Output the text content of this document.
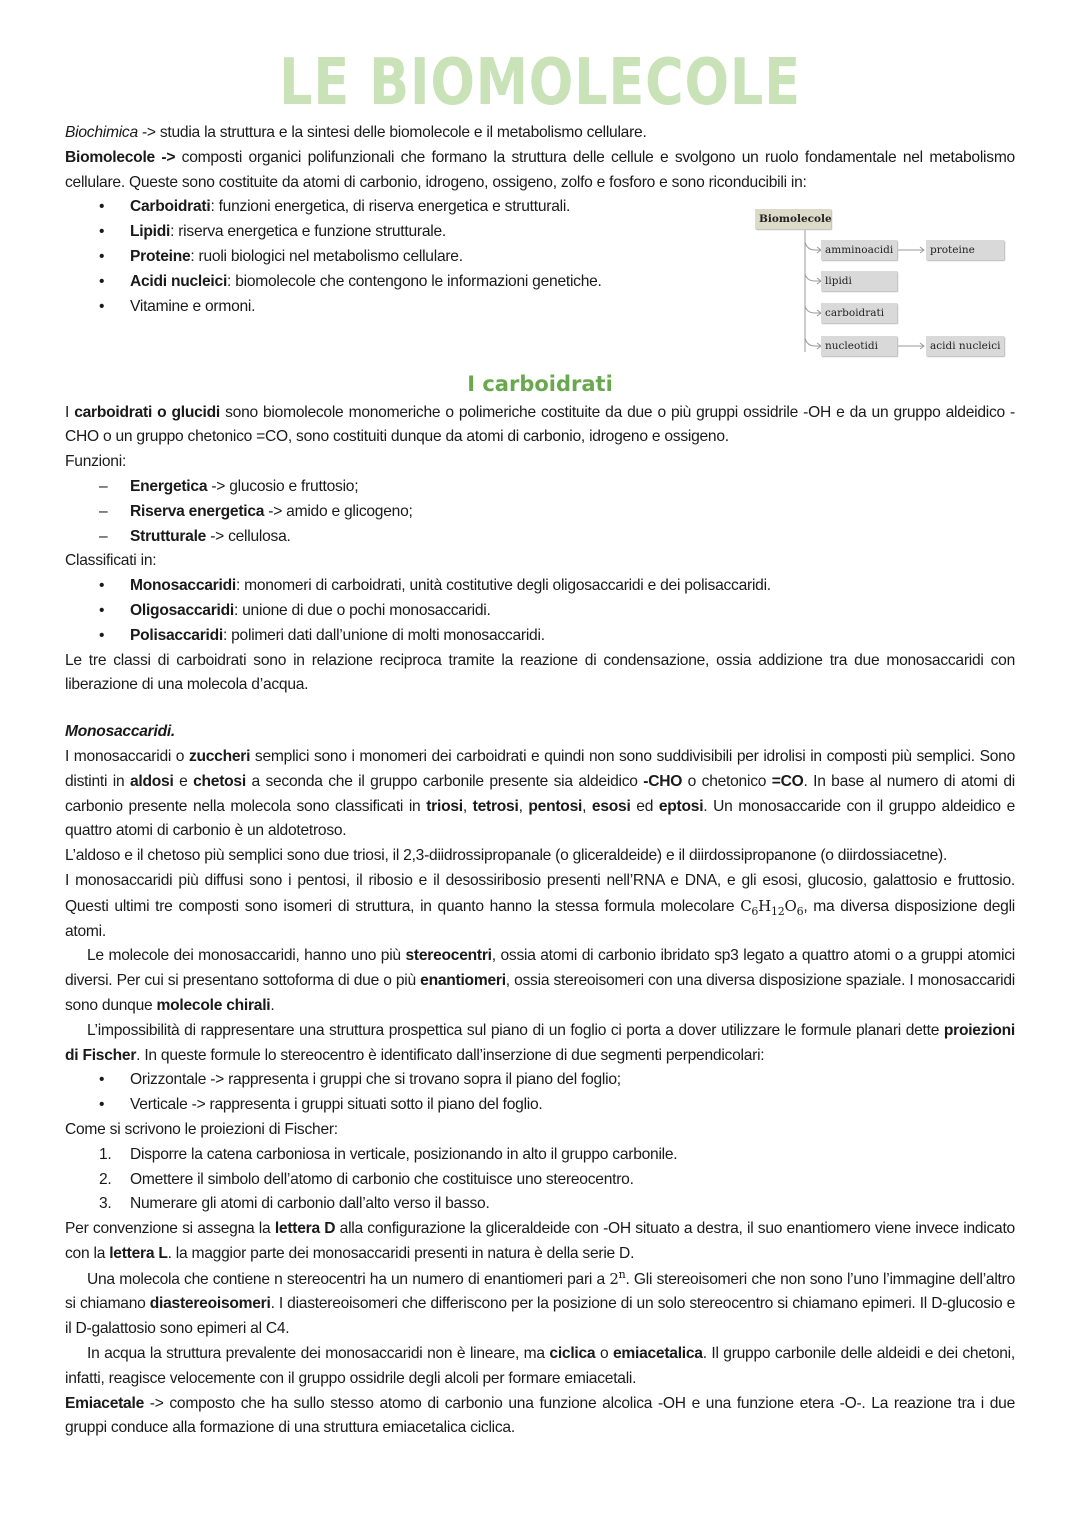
LE BIOMOLECOLE

Biochimica -> studia la struttura e la sintesi delle biomolecole e il metabolismo cellulare.

Biomolecole
amminoacidi	proteine
lipidi
carboidrati
nucleotidi	acidi nucleici

Biomolecole -> composti organici polifunzionali che formano la struttura delle cellule e svolgono un ruolo fondamentale nel metabolismo cellulare. Queste sono costituite da atomi di carbonio, idrogeno, ossigeno, zolfo e fosforo e sono riconducibili in:

• Carboidrati: funzioni energetica, di riserva energetica e strutturali.
• Lipidi: riserva energetica e funzione strutturale.
• Proteine: ruoli biologici nel metabolismo cellulare.
• Acidi nucleici: biomolecole che contengono le informazioni genetiche.
• Vitamine e ormoni.
I carboidrati

I carboidrati o glucidi sono biomolecole monomeriche o polimeriche costituite da due o più gruppi ossidrile -OH e da un gruppo aldeidico -CHO o un gruppo chetonico =CO, sono costituiti dunque da atomi di carbonio, idrogeno e ossigeno.

Funzioni:

– Energetica -> glucosio e fruttosio;
– Riserva energetica -> amido e glicogeno;
– Strutturale -> cellulosa.

Classificati in:

• Monosaccaridi: monomeri di carboidrati, unità costitutive degli oligosaccaridi e dei polisaccaridi.
• Oligosaccaridi: unione di due o pochi monosaccaridi.
• Polisaccaridi: polimeri dati dall’unione di molti monosaccaridi.

Le tre classi di carboidrati sono in relazione reciproca tramite la reazione di condensazione, ossia addizione tra due monosaccaridi con liberazione di una molecola d’acqua.

Monosaccaridi.

I monosaccaridi o zuccheri semplici sono i monomeri dei carboidrati e quindi non sono suddivisibili per idrolisi in composti più semplici. Sono distinti in aldosi e chetosi a seconda che il gruppo carbonile presente sia aldeidico -CHO o chetonico =CO. In base al numero di atomi di carbonio presente nella molecola sono classificati in triosi, tetrosi, pentosi, esosi ed eptosi. Un monosaccaride con il gruppo aldeidico e quattro atomi di carbonio è un aldotetroso.

L’aldoso e il chetoso più semplici sono due triosi, il 2,3-diidrossipropanale (o gliceraldeide) e il diirdossipropanone (o diirdossiacetne).

I monosaccaridi più diffusi sono i pentosi, il ribosio e il desossiribosio presenti nell’RNA e DNA, e gli esosi, glucosio, galattosio e fruttosio. Questi ultimi tre composti sono isomeri di struttura, in quanto hanno la stessa formula molecolare $C_6H_{12}O_6$, ma diversa disposizione degli atomi.

Le molecole dei monosaccaridi, hanno uno più stereocentri, ossia atomi di carbonio ibridato sp3 legato a quattro atomi o a gruppi atomici diversi. Per cui si presentano sottoforma di due o più enantiomeri, ossia stereoisomeri con una diversa disposizione spaziale. I monosaccaridi sono dunque molecole chirali.

L’impossibilità di rappresentare una struttura prospettica sul piano di un foglio ci porta a dover utilizzare le formule planari dette proiezioni di Fischer. In queste formule lo stereocentro è identificato dall’inserzione di due segmenti perpendicolari:

• Orizzontale -> rappresenta i gruppi che si trovano sopra il piano del foglio;
• Verticale -> rappresenta i gruppi situati sotto il piano del foglio.

Come si scrivono le proiezioni di Fischer:

1. Disporre la catena carboniosa in verticale, posizionando in alto il gruppo carbonile.
2. Omettere il simbolo dell’atomo di carbonio che costituisce uno stereocentro.
3. Numerare gli atomi di carbonio dall’alto verso il basso.

Per convenzione si assegna la lettera D alla configurazione la gliceraldeide con -OH situato a destra, il suo enantiomero viene invece indicato con la lettera L. la maggior parte dei monosaccaridi presenti in natura è della serie D.

Una molecola che contiene n stereocentri ha un numero di enantiomeri pari a 2$^n$. Gli stereoisomeri che non sono l’uno l’immagine dell’altro si chiamano diastereoisomeri. I diastereoisomeri che differiscono per la posizione di un solo stereocentro si chiamano epimeri. Il D-glucosio e il D-galattosio sono epimeri al C4.

In acqua la struttura prevalente dei monosaccaridi non è lineare, ma ciclica o emiacetalica. Il gruppo carbonile delle aldeidi e dei chetoni, infatti, reagisce velocemente con il gruppo ossidrile degli alcoli per formare emiacetali.

Emiacetale -> composto che ha sullo stesso atomo di carbonio una funzione alcolica -OH e una funzione etera -O-. La reazione tra i due gruppi conduce alla formazione di una struttura emiacetalica ciclica.
